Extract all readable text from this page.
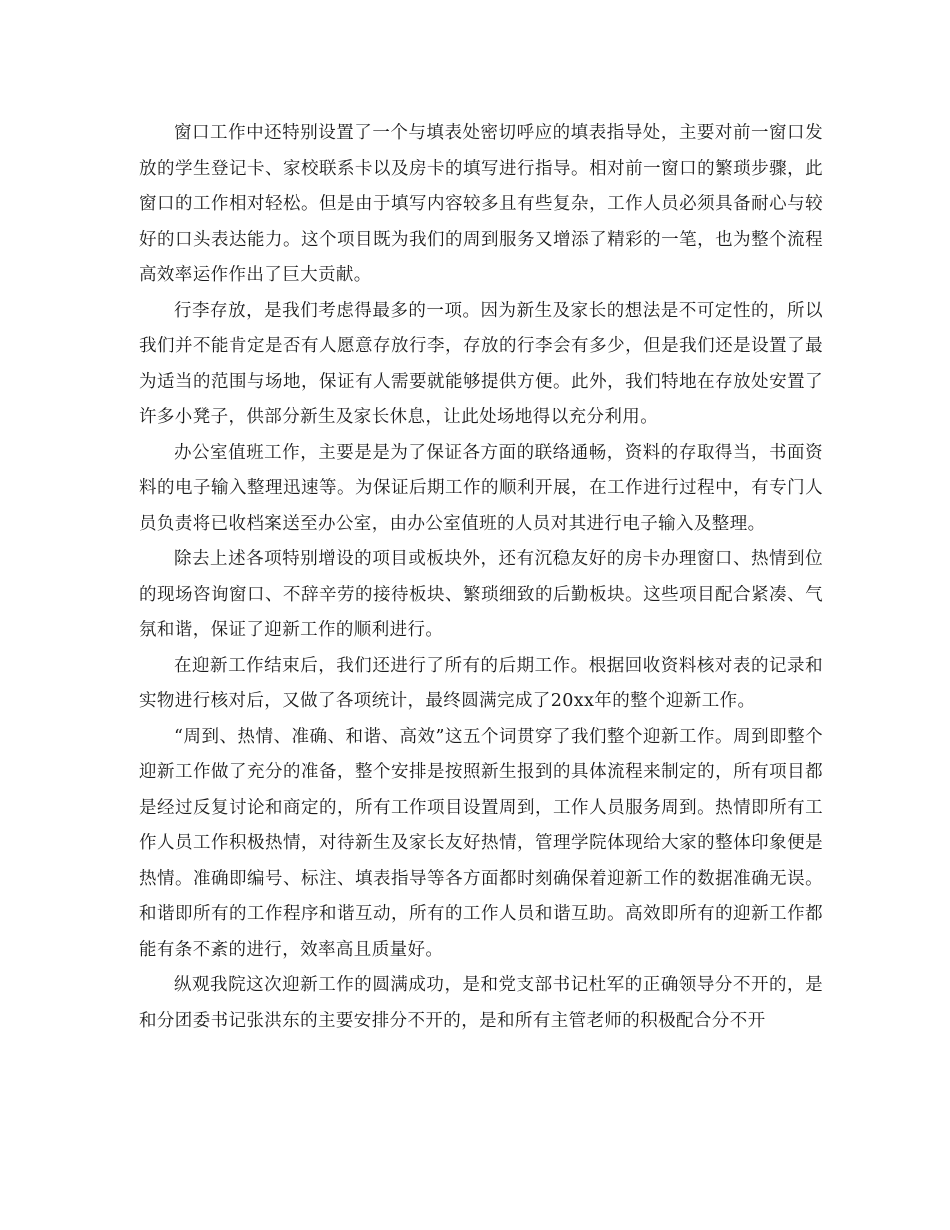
窗口工作中还特别设置了一个与填表处密切呼应的填表指导处，主要对前一窗口发放的学生登记卡、家校联系卡以及房卡的填写进行指导。相对前一窗口的繁琐步骤，此窗口的工作相对轻松。但是由于填写内容较多且有些复杂，工作人员必须具备耐心与较好的口头表达能力。这个项目既为我们的周到服务又增添了精彩的一笔，也为整个流程高效率运作作出了巨大贡献。

行李存放，是我们考虑得最多的一项。因为新生及家长的想法是不可定性的，所以我们并不能肯定是否有人愿意存放行李，存放的行李会有多少，但是我们还是设置了最为适当的范围与场地，保证有人需要就能够提供方便。此外，我们特地在存放处安置了许多小凳子，供部分新生及家长休息，让此处场地得以充分利用。

办公室值班工作，主要是是为了保证各方面的联络通畅，资料的存取得当，书面资料的电子输入整理迅速等。为保证后期工作的顺利开展，在工作进行过程中，有专门人员负责将已收档案送至办公室，由办公室值班的人员对其进行电子输入及整理。

除去上述各项特别增设的项目或板块外，还有沉稳友好的房卡办理窗口、热情到位的现场咨询窗口、不辞辛劳的接待板块、繁琐细致的后勤板块。这些项目配合紧凑、气氛和谐，保证了迎新工作的顺利进行。

在迎新工作结束后，我们还进行了所有的后期工作。根据回收资料核对表的记录和实物进行核对后，又做了各项统计，最终圆满完成了20xx年的整个迎新工作。

“周到、热情、准确、和谐、高效”这五个词贯穿了我们整个迎新工作。周到即整个迎新工作做了充分的准备，整个安排是按照新生报到的具体流程来制定的，所有项目都是经过反复讨论和商定的，所有工作项目设置周到，工作人员服务周到。热情即所有工作人员工作积极热情，对待新生及家长友好热情，管理学院体现给大家的整体印象便是热情。准确即编号、标注、填表指导等各方面都时刻确保着迎新工作的数据准确无误。和谐即所有的工作程序和谐互动，所有的工作人员和谐互助。高效即所有的迎新工作都能有条不紊的进行，效率高且质量好。

纵观我院这次迎新工作的圆满成功，是和党支部书记杜军的正确领导分不开的，是和分团委书记张洪东的主要安排分不开的，是和所有主管老师的积极配合分不开
